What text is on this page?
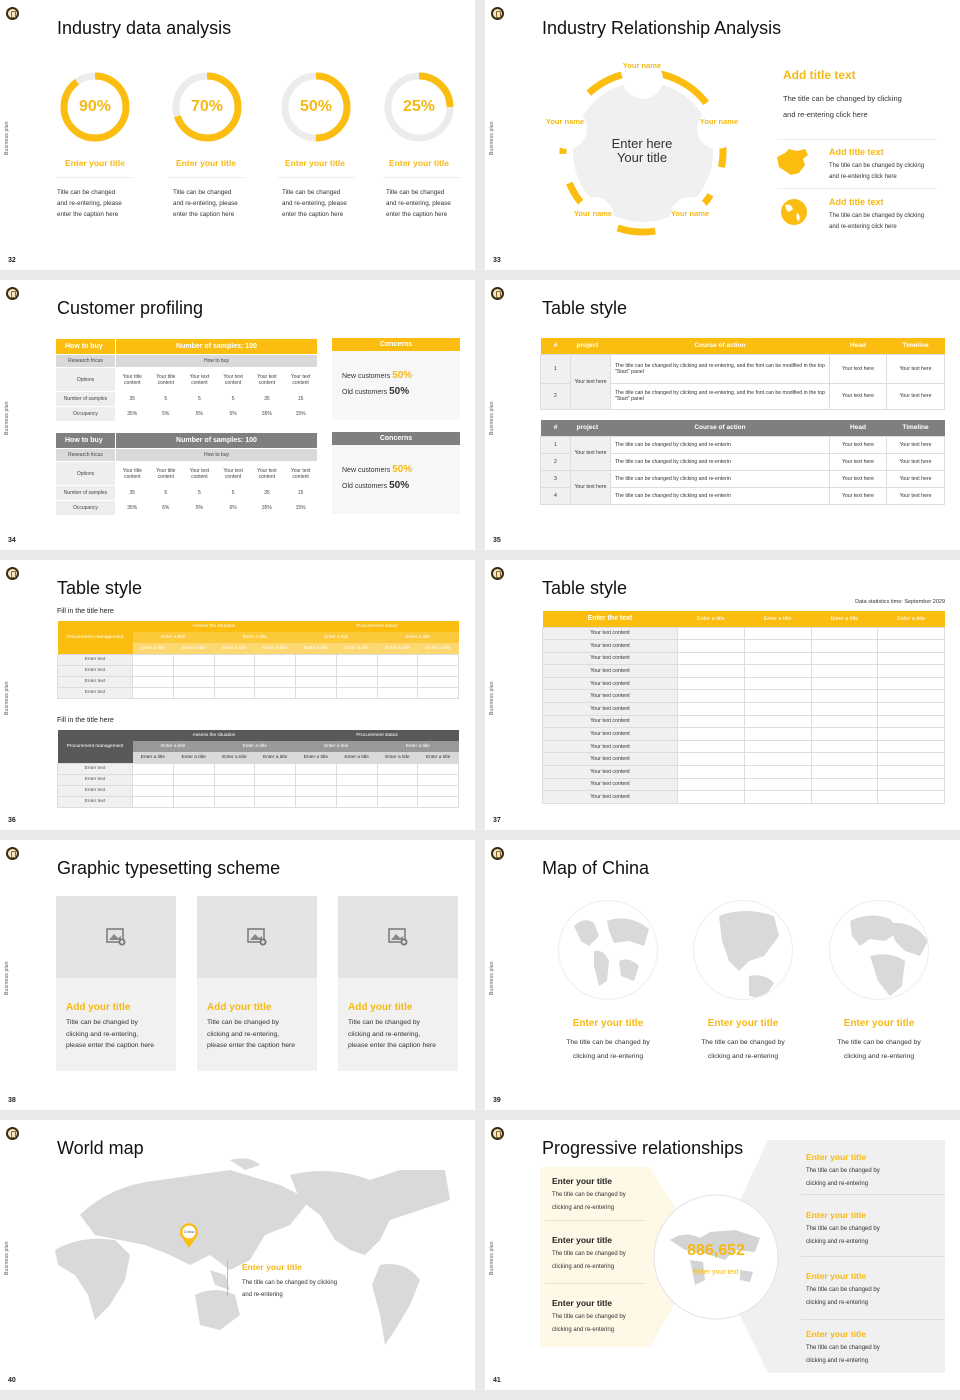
Business plan
Industry data analysis
90%
Enter your title
Title can be changed
and re-entering, please
enter the caption here
70%
Enter your title
Title can be changed
and re-entering, please
enter the caption here
50%
Enter your title
Title can be changed
and re-entering, please
enter the caption here
25%
Enter your title
Title can be changed
and re-entering, please
enter the caption here
32
Business plan
Industry Relationship Analysis
Your name
Your name
Your name
Your name
Your name
Enter here
Your title
Add title text
The title can be changed by clicking
and re-entering click here
Add title text
The title can be changed by clicking
and re-entering click here
Add title text
The title can be changed by clicking
and re-entering click here
33
Business plan
Customer profiling
How to buy	Number of samples: 100					
Research focus	How to buy					
Options	Your title content	Your title content	Your text content	Your text content	Your text content	Your text content
Number of samples	35	5	5	5	35	15
Occupancy	35%	5%	5%	5%	35%	15%
Concerns
New customers 50%
Old customers 50%
How to buy	Number of samples: 100					
Research focus	How to buy					
Options	Your title content	Your title content	Your text content	Your text content	Your text content	Your text content
Number of samples	35	5	5	5	35	15
Occupancy	35%	6%	5%	6%	35%	15%
Concerns
New customers 50%
Old customers 50%
34
Business plan
Table style
#	project	Course of action	Head	Timeline
1	Your text here	The title can be changed by clicking and re-entering, and the font can be modified in the top "Start" panel	Your text here	Your text here
2		The title can be changed by clicking and re-entering, and the font can be modified in the top "Start" panel	Your text here	Your text here
#	project	Course of action	Head	Timeline
1	Your text here	The title can be changed by clicking and re-enterin	Your text here	Your text here
2		The title can be changed by clicking and re-enterin	Your text here	Your text here
3	Your text here	The title can be changed by clicking and re-enterin	Your text here	Your text here
4		The title can be changed by clicking and re-enterin	Your text here	Your text here
35
Business plan
Table style
Fill in the title here
Procurement management	Assess the situation				Procurement status			
	Enter a title		Enter a title		Enter a title		Enter a title	
	Enter a title	Enter a title	Enter a title	Enter a title	Enter a title	Enter a title	Enter a title	Enter a title
Enter text								
Enter text								
Enter text								
Enter text								
Fill in the title here
Procurement management	Assess the situation				Procurement status			
	Enter a title		Enter a title		Enter a title		Enter a title	
	Enter a title	Enter a title	Enter a title	Enter a title	Enter a title	Enter a title	Enter a title	Enter a title
Enter text								
Enter text								
Enter text								
Enter text								
36
Business plan
Table style
Data statistics time: September 2029
Enter the text	Enter a title	Enter a title	Enter a title	Enter a title
Your text content				
Your text content				
Your text content				
Your text content				
Your text content				
Your text content				
Your text content				
Your text content				
Your text content				
Your text content				
Your text content				
Your text content				
Your text content				
Your text content				
37
Business plan
Graphic typesetting scheme
Add your title
Title can be changed by
clicking and re-entering,
please enter the caption here
Add your title
Title can be changed by
clicking and re-entering,
please enter the caption here
Add your title
Title can be changed by
clicking and re-entering,
please enter the caption here
38
Business plan
Map of China
Enter your title
The title can be changed by
clicking and re-entering
Enter your title
The title can be changed by
clicking and re-entering
Enter your title
The title can be changed by
clicking and re-entering
39
Business plan
World map
China
Enter your title
The title can be changed by clicking
and re-entering
40
Business plan
Progressive relationships
886,652
Enter your text
Enter your title
The title can be changed by
clicking and re-entering
Enter your title
The title can be changed by
clicking and re-entering
Enter your title
The title can be changed by
clicking and re-entering
Enter your title
The title can be changed by
clicking and re-entering
Enter your title
The title can be changed by
clicking and re-entering
Enter your title
The title can be changed by
clicking and re-entering
Enter your title
The title can be changed by
clicking and re-entering
41
